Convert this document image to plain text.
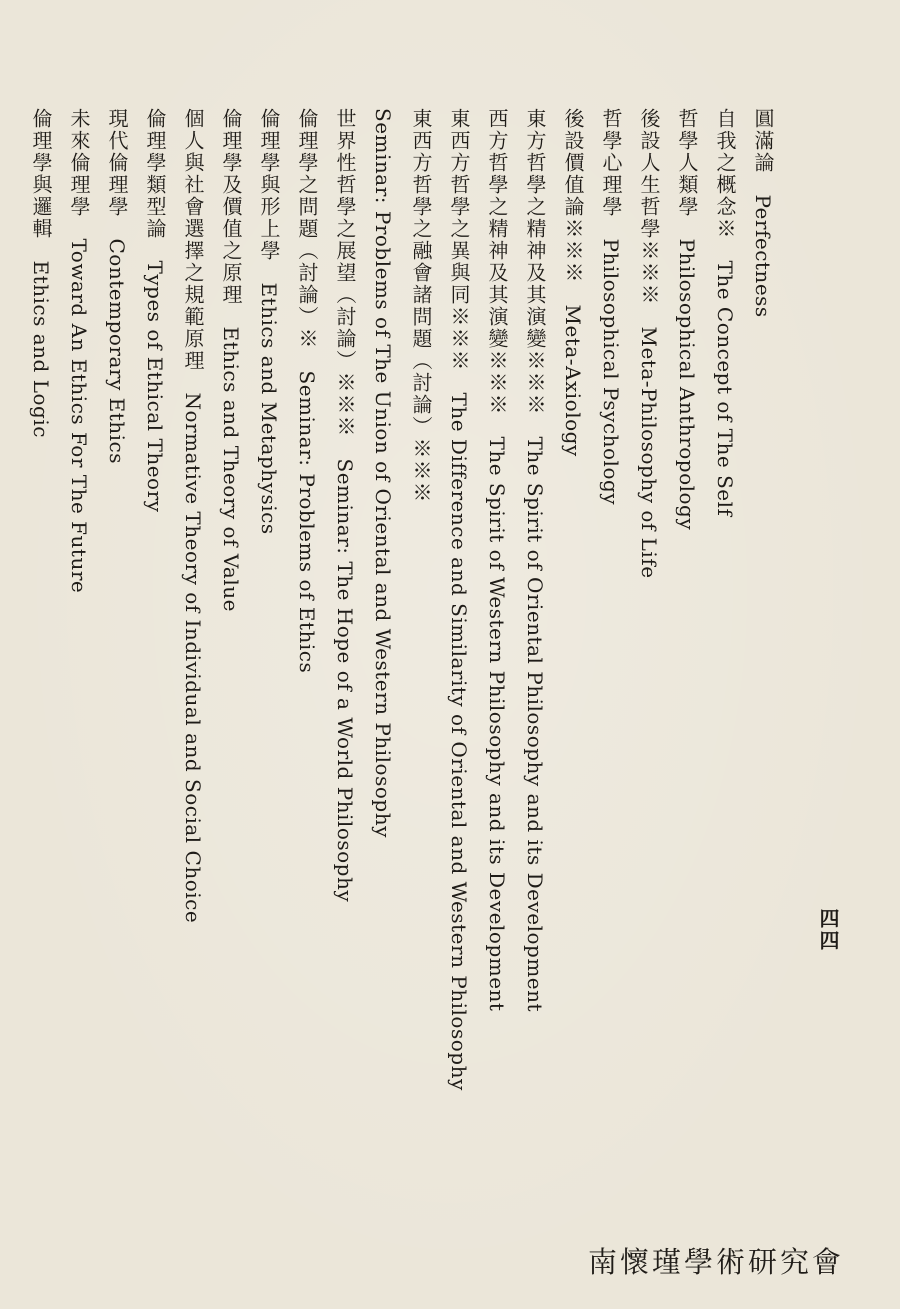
圓滿論　Perfectness
自我之概念※　The Concept of The Self
哲學人類學　Philosophical Anthropology
後設人生哲學※※※　Meta-Philosophy of Life
哲學心理學　Philosophical Psychology
後設價值論※※※　Meta-Axiology
東方哲學之精神及其演變※※※　The Spirit of Oriental Philosophy and its Development
西方哲學之精神及其演變※※※　The Spirit of Western Philosophy and its Development
東西方哲學之異與同※※※　The Difference and Similarity of Oriental and Western Philosophy
東西方哲學之融會諸問題（討論）※※※
Seminar: Problems of The Union of Oriental and Western Philosophy
世界性哲學之展望（討論）※※※　Seminar: The Hope of a World Philosophy
倫理學之問題（討論）※　Seminar: Problems of Ethics
倫理學與形上學　Ethics and Metaphysics
倫理學及價值之原理　Ethics and Theory of Value
個人與社會選擇之規範原理　Normative Theory of Individual and Social Choice
倫理學類型論　Types of Ethical Theory
現代倫理學　Contemporary Ethics
未來倫理學　Toward An Ethics For The Future
倫理學與邏輯　Ethics and Logic
四四
南懷瑾學術研究會
